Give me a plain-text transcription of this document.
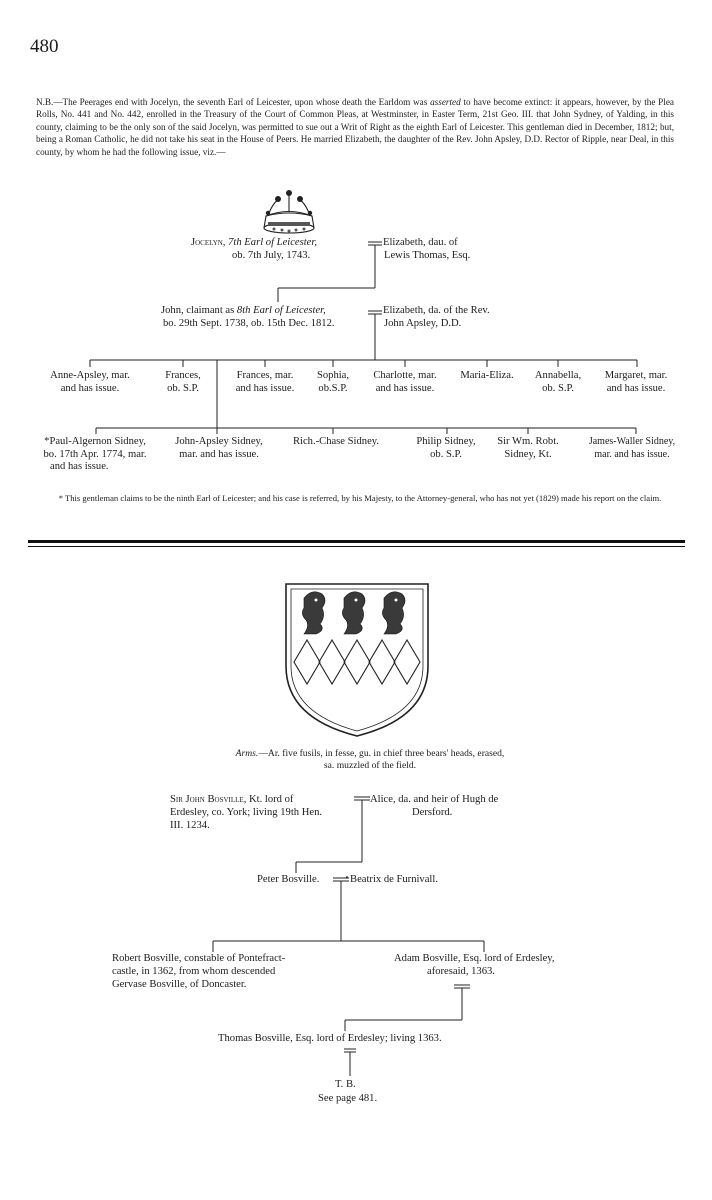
480
N.B.—The Peerages end with Jocelyn, the seventh Earl of Leicester, upon whose death the Earldom was asserted to have become extinct: it appears, however, by the Plea Rolls, No. 441 and No. 442, enrolled in the Treasury of the Court of Common Pleas, at Westminster, in Easter Term, 21st Geo. III. that John Sydney, of Yalding, in this county, claiming to be the only son of the said Jocelyn, was permitted to sue out a Writ of Right as the eighth Earl of Leicester. This gentleman died in December, 1812; but, being a Roman Catholic, he did not take his seat in the House of Peers. He married Elizabeth, the daughter of the Rev. John Apsley, D.D. Rector of Ripple, near Deal, in this county, by whom he had the following issue, viz.—
Jocelyn, 7th Earl of Leicester,
ob. 7th July, 1743.
Elizabeth, dau. of
Lewis Thomas, Esq.
John, claimant as 8th Earl of Leicester,
bo. 29th Sept. 1738, ob. 15th Dec. 1812.
Elizabeth, da. of the Rev.
John Apsley, D.D.
Anne-Apsley, mar.
and has issue.
Frances,
ob. S.P.
Frances, mar.
and has issue.
Sophia,
ob.S.P.
Charlotte, mar.
and has issue.
Maria-Eliza.	Annabella,
ob. S.P.
Margaret, mar.
and has issue.
*Paul-Algernon Sidney,
bo. 17th Apr. 1774, mar.
and has issue.
John-Apsley Sidney,
mar. and has issue.
Rich.-Chase Sidney.	Philip Sidney,
ob. S.P.
Sir Wm. Robt.
Sidney, Kt.
James-Waller Sidney,
mar. and has issue.
* This gentleman claims to be the ninth Earl of Leicester; and his case is referred, by his Majesty, to the Attorney-general, who has not yet (1829) made his report on the claim.
Arms.—Ar. five fusils, in fesse, gu. in chief three bears' heads, erased, sa. muzzled of the field.
Sir John Bosville, Kt. lord of
Erdesley, co. York; living 19th Hen.
III. 1234.
Alice, da. and heir of Hugh de
Dersford.
Peter Bosville.	Beatrix de Furnivall.
Robert Bosville, constable of Pontefract-
castle, in 1362, from whom descended
Gervase Bosville, of Doncaster.
Adam Bosville, Esq. lord of Erdesley,
aforesaid, 1363.
Thomas Bosville, Esq. lord of Erdesley; living 1363.
T. B.
See page 481.
